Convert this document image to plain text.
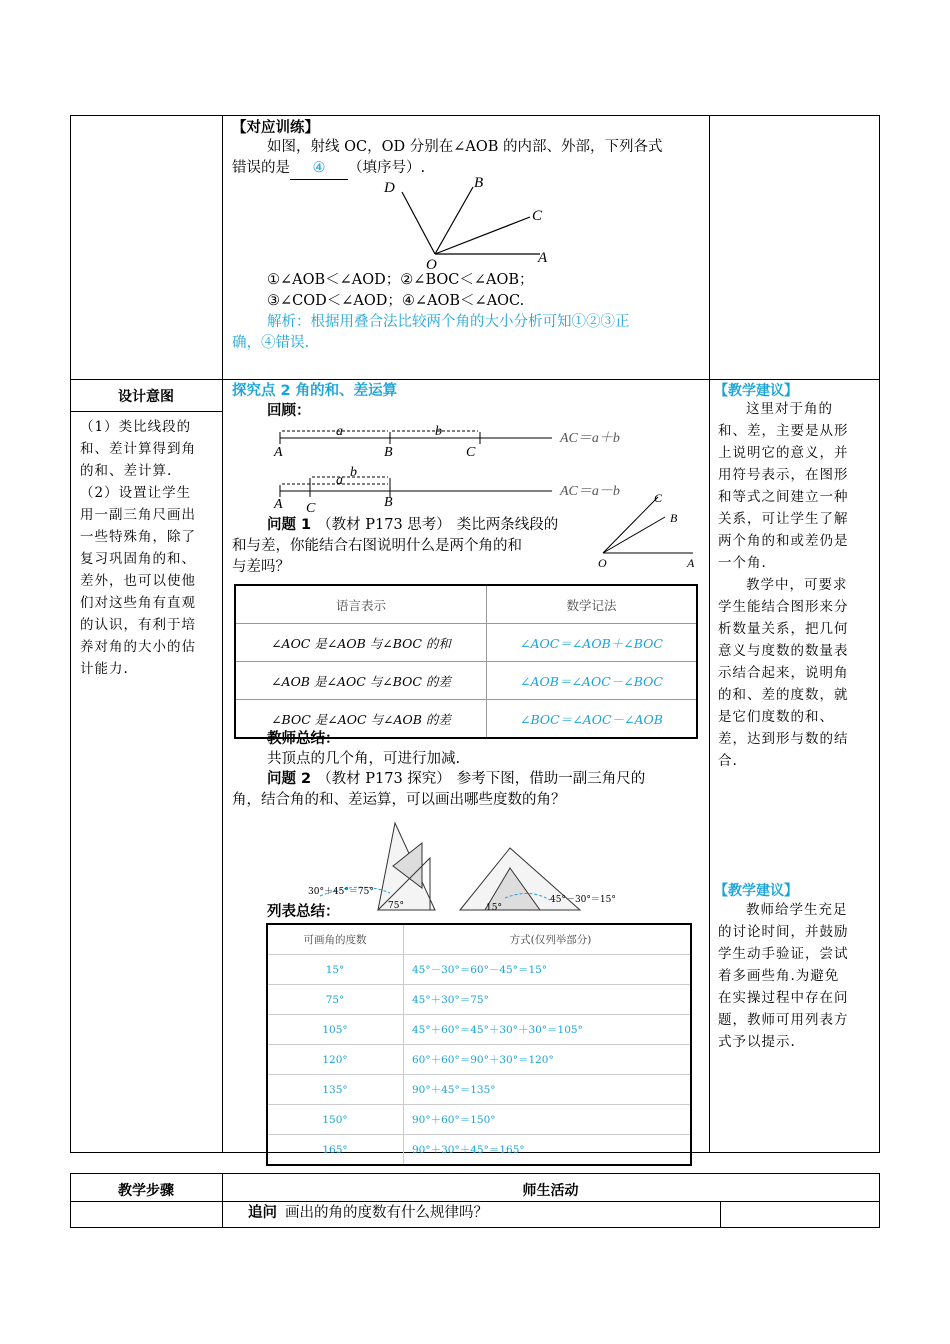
【对应训练】
如图，射线 OC，OD 分别在∠AOB 的内部、外部，下列各式
错误的是 ④ （填序号）.
D	B
C
O	A
①∠AOB＜∠AOD；②∠BOC＜∠AOB；
③∠COD＜∠AOD；④∠AOB＜∠AOC.
解析：根据用叠合法比较两个角的大小分析可知①②③正
确，④错误.
设计意图
（1）类比线段的
和、差计算得到角
的和、差计算.
（2）设置让学生
用一副三角尺画出
一些特殊角，除了
复习巩固角的和、
差外，也可以使他
们对这些角有直观
的认识，有利于培
养对角的大小的估
计能力.
探究点 2 角的和、差运算
回顾：
a	b
A	B	C
AC＝a＋b
a
b
A C	B
AC＝a－b	C
B
O	A
问题 1 （教材 P173 思考） 类比两条线段的
和与差，你能结合右图说明什么是两个角的和
与差吗？
语言表示	数学记法
∠AOC 是∠AOB 与∠BOC 的和	∠AOC＝∠AOB＋∠BOC
∠AOB 是∠AOC 与∠BOC 的差	∠AOB＝∠AOC－∠BOC
∠BOC 是∠AOC 与∠AOB 的差	∠BOC＝∠AOC－∠AOB
教师总结：
共顶点的几个角，可进行加减.
问题 2 （教材 P173 探究） 参考下图，借助一副三角尺的
角，结合角的和、差运算，可以画出哪些度数的角？
30°＋45°＝75°
75°
45°－30°＝15°
15°
列表总结：
可画角的度数	方式(仅列举部分)
15°	45°－30°＝60°－45°＝15°
75°	45°＋30°＝75°
105°	45°＋60°＝45°＋30°＋30°＝105°
120°	60°＋60°＝90°＋30°＝120°
135°	90°＋45°＝135°
150°	90°＋60°＝150°
165°	90°＋30°＋45°＝165°
【教学建议】
这里对于角的
和、差，主要是从形
上说明它的意义，并
用符号表示，在图形
和等式之间建立一种
关系，可让学生了解
两个角的和或差仍是
一个角.
教学中，可要求
学生能结合图形来分
析数量关系，把几何
意义与度数的数量表
示结合起来，说明角
的和、差的度数，就
是它们度数的和、
差，达到形与数的结
合.
【教学建议】
教师给学生充足
的讨论时间，并鼓励
学生动手验证，尝试
着多画些角.为避免
在实操过程中存在问
题，教师可用列表方
式予以提示.
教学步骤	师生活动
追问 画出的角的度数有什么规律吗？
